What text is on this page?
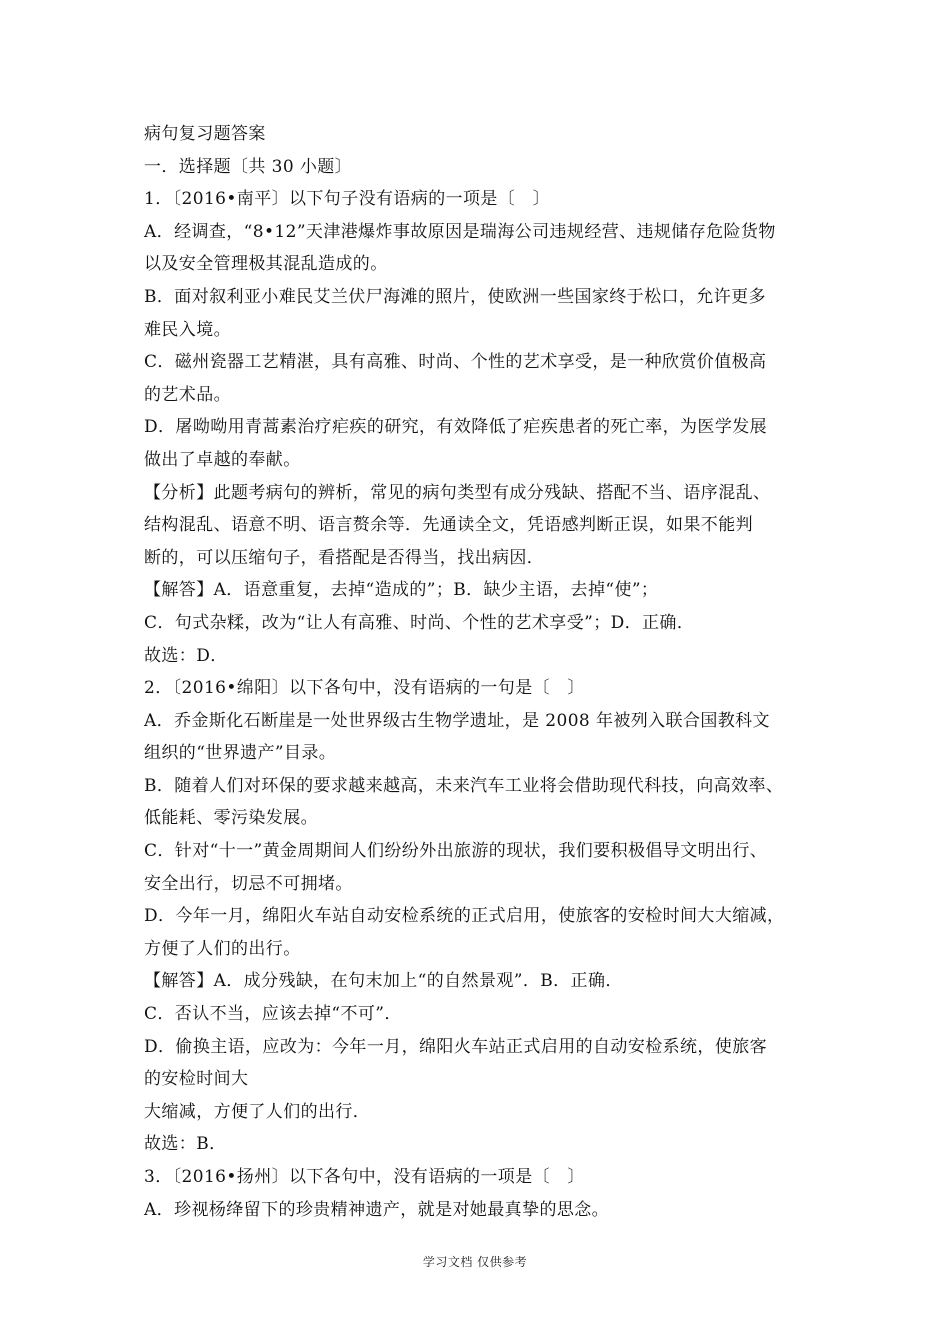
病句复习题答案
一．选择题〔共 30 小题〕
1．〔2016•南平〕以下句子没有语病的一项是〔　〕
A．经调查，“8•12”天津港爆炸事故原因是瑞海公司违规经营、违规储存危险货物
以及安全管理极其混乱造成的。
B．面对叙利亚小难民艾兰伏尸海滩的照片，使欧洲一些国家终于松口，允许更多
难民入境。
C．磁州瓷器工艺精湛，具有高雅、时尚、个性的艺术享受，是一种欣赏价值极高
的艺术品。
D．屠呦呦用青蒿素治疗疟疾的研究，有效降低了疟疾患者的死亡率，为医学发展
做出了卓越的奉献。
【分析】此题考病句的辨析，常见的病句类型有成分残缺、搭配不当、语序混乱、
结构混乱、语意不明、语言赘余等．先通读全文，凭语感判断正误，如果不能判
断的，可以压缩句子，看搭配是否得当，找出病因．
【解答】A．语意重复，去掉“造成的”；B．缺少主语，去掉“使”；
C．句式杂糅，改为“让人有高雅、时尚、个性的艺术享受”；D．正确．
故选：D．
2．〔2016•绵阳〕以下各句中，没有语病的一句是〔　〕
A．乔金斯化石断崖是一处世界级古生物学遗址，是 2008 年被列入联合国教科文
组织的“世界遗产”目录。
B．随着人们对环保的要求越来越高，未来汽车工业将会借助现代科技，向高效率、
低能耗、零污染发展。
C．针对“十一”黄金周期间人们纷纷外出旅游的现状，我们要积极倡导文明出行、
安全出行，切忌不可拥堵。
D．今年一月，绵阳火车站自动安检系统的正式启用，使旅客的安检时间大大缩减，
方便了人们的出行。
【解答】A．成分残缺，在句末加上“的自然景观”．B．正确．
C．否认不当，应该去掉“不可”．
D．偷换主语，应改为：今年一月，绵阳火车站正式启用的自动安检系统，使旅客
的安检时间大
大缩减，方便了人们的出行．
故选：B．
3．〔2016•扬州〕以下各句中，没有语病的一项是〔　〕
A．珍视杨绛留下的珍贵精神遗产，就是对她最真挚的思念。
学习文档 仅供参考
